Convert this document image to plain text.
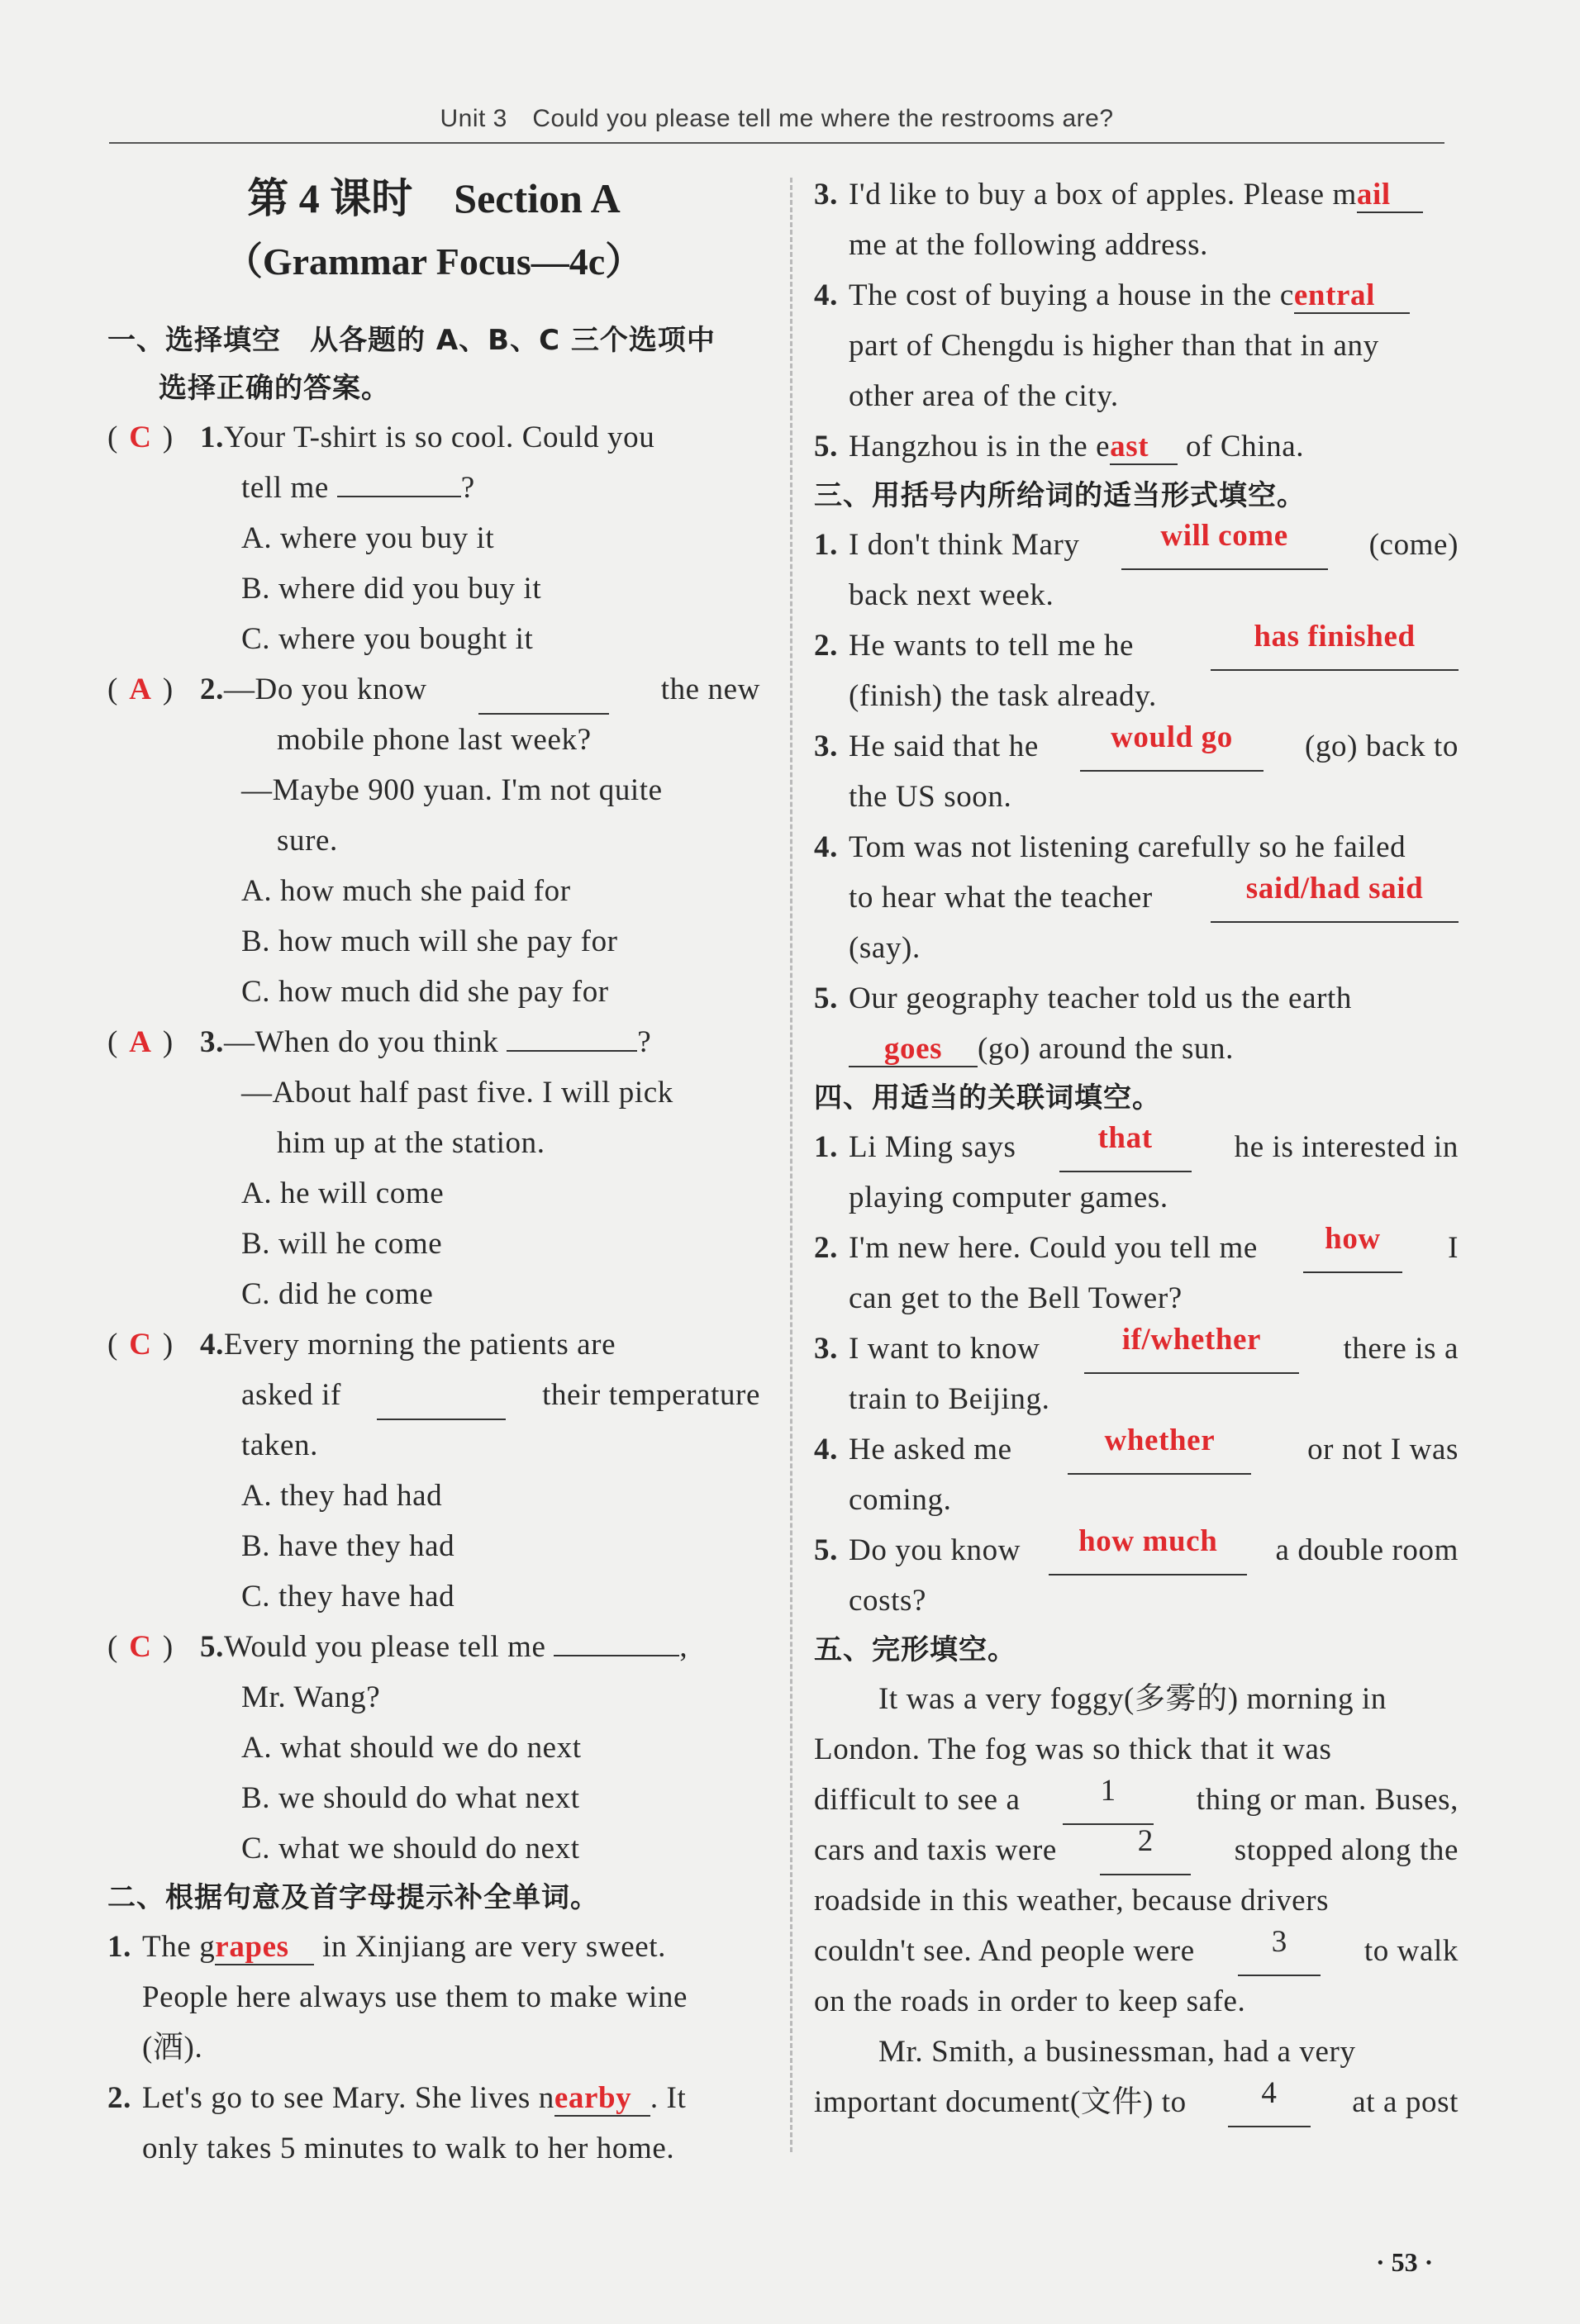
Unit 3　Could you please tell me where the restrooms are?
第 4 课时　Section A
（Grammar Focus—4c）
一、选择填空　从各题的 A、B、C 三个选项中
选择正确的答案。
( C ) 1.Your T-shirt is so cool. Could you
tell me	?
A. where you buy it
B. where did you buy it
C. where you bought it
( A ) 2.—Do you know	the new
mobile phone last week?
—Maybe 900 yuan. I'm not quite
sure.
A. how much she paid for
B. how much will she pay for
C. how much did she pay for
( A ) 3.—When do you think	?
—About half past five. I will pick
him up at the station.
A. he will come
B. will he come
C. did he come
( C ) 4.Every morning the patients are
asked if	their temperature
taken.
A. they had had
B. have they had
C. they have had
( C ) 5.Would you please tell me	,
Mr. Wang?
A. what should we do next
B. we should do what next
C. what we should do next
二、根据句意及首字母提示补全单词。
1. The grapes in Xinjiang are very sweet.
People here always use them to make wine
(酒).
2. Let's go to see Mary. She lives nearby . It
only takes 5 minutes to walk to her home.
3. I'd like to buy a box of apples. Please mail
me at the following address.
4. The cost of buying a house in the central
part of Chengdu is higher than that in any
other area of the city.
5. Hangzhou is in the east of China.
三、用括号内所给词的适当形式填空。
1. I don't think Mary	will come	(come)
back next week.
2. He wants to tell me he	has finished
(finish) the task already.
3. He said that he	would go	(go) back to
the US soon.
4. Tom was not listening carefully so he failed
to hear what the teacher	said/had said
(say).
5. Our geography teacher told us the earth
goes (go) around the sun.
四、用适当的关联词填空。
1. Li Ming says	that	he is interested in
playing computer games.
2. I'm new here. Could you tell me	how	I
can get to the Bell Tower?
3. I want to know	if/whether	there is a
train to Beijing.
4. He asked me	whether	or not I was
coming.
5. Do you know	how much	a double room
costs?
五、完形填空。
It was a very foggy(多雾的) morning in
London. The fog was so thick that it was
difficult to see a	1	thing or man. Buses,
cars and taxis were	2	stopped along the
roadside in this weather, because drivers
couldn't see. And people were	3	to walk
on the roads in order to keep safe.
Mr. Smith, a businessman, had a very
important document(文件) to	4	at a post
· 53 ·
